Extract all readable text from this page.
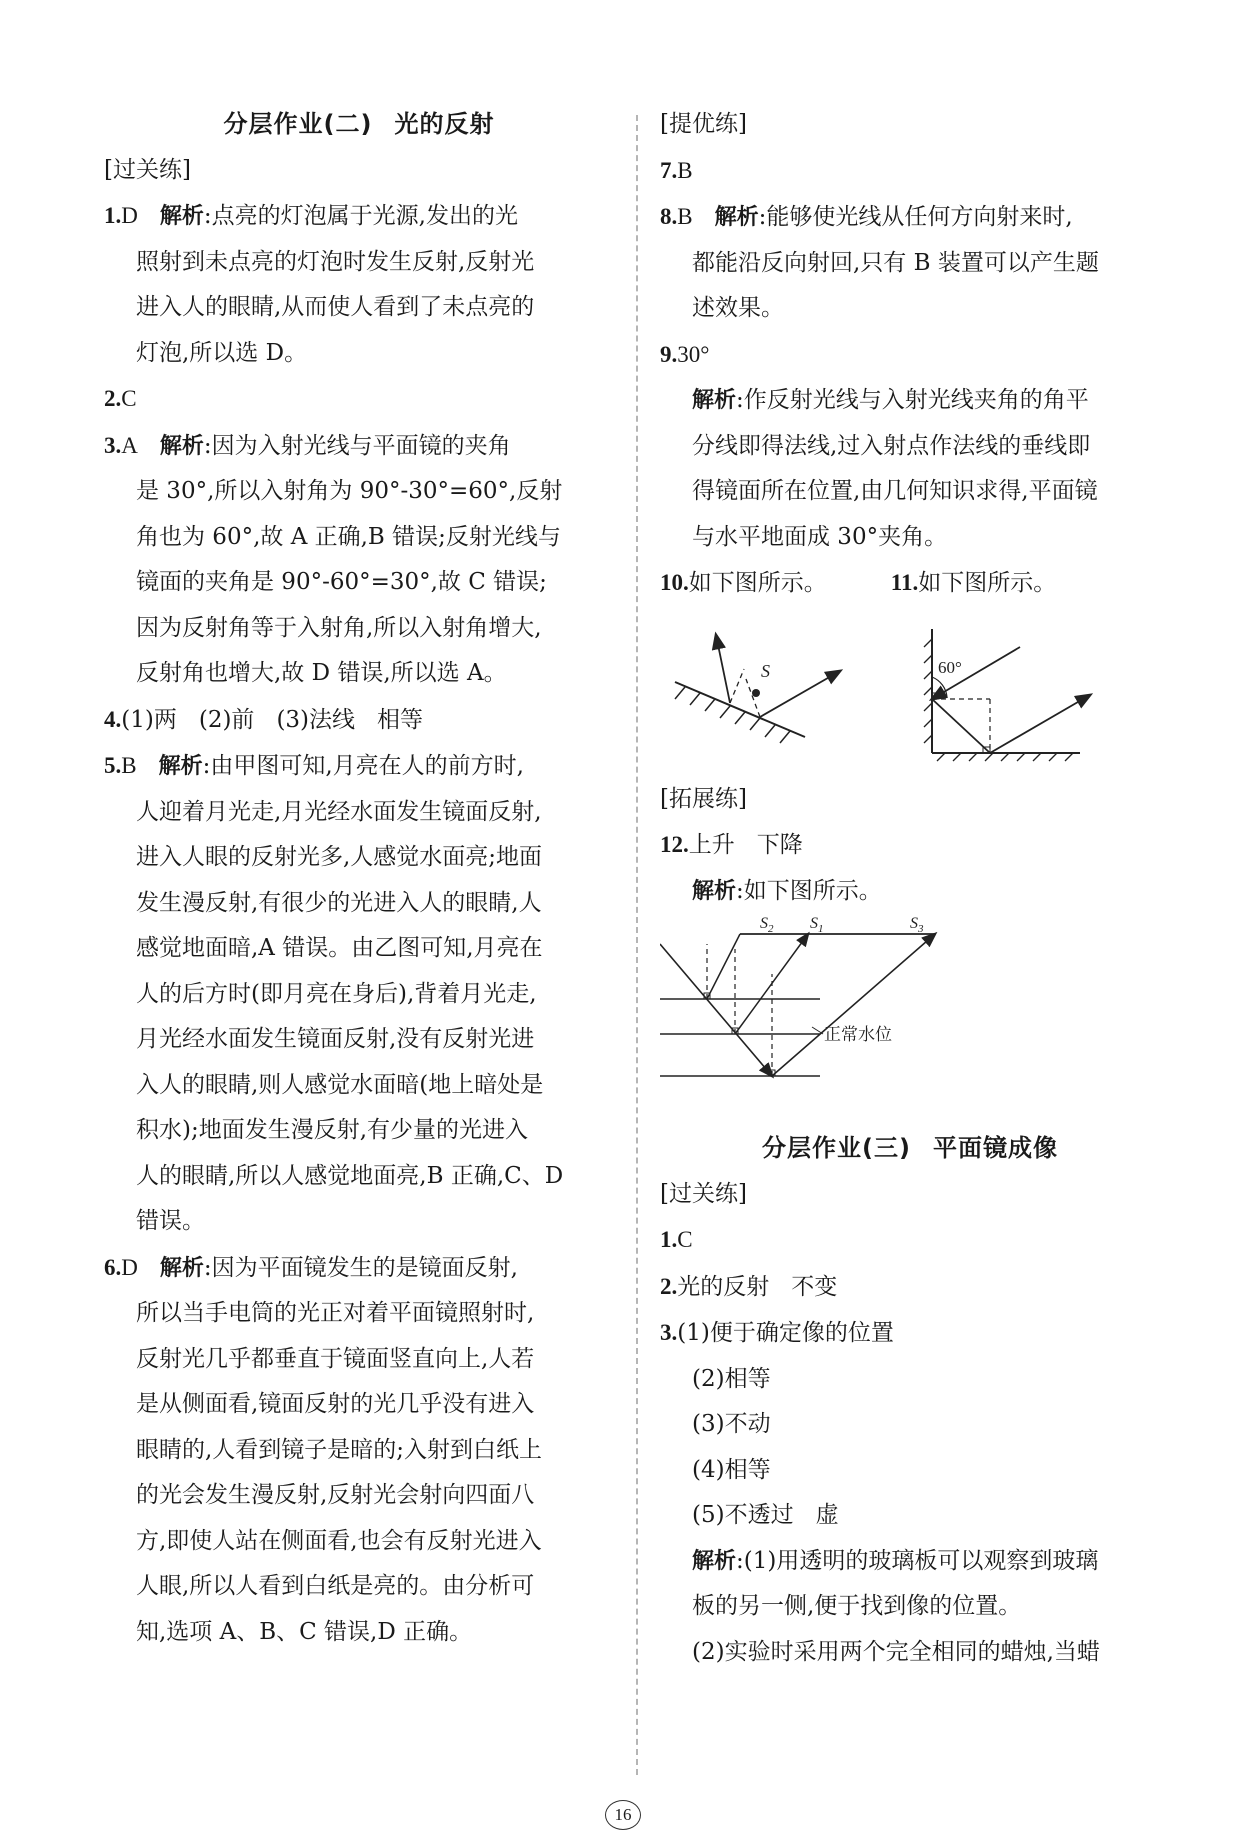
分层作业(二) 光的反射
[过关练]
1.D 解析:点亮的灯泡属于光源,发出的光
照射到未点亮的灯泡时发生反射,反射光
进入人的眼睛,从而使人看到了未点亮的
灯泡,所以选 D。
2.C
3.A 解析:因为入射光线与平面镜的夹角
是 30°,所以入射角为 90°-30°=60°,反射
角也为 60°,故 A 正确,B 错误;反射光线与
镜面的夹角是 90°-60°=30°,故 C 错误;
因为反射角等于入射角,所以入射角增大,
反射角也增大,故 D 错误,所以选 A。
4.(1)两 (2)前 (3)法线 相等
5.B 解析:由甲图可知,月亮在人的前方时,
人迎着月光走,月光经水面发生镜面反射,
进入人眼的反射光多,人感觉水面亮;地面
发生漫反射,有很少的光进入人的眼睛,人
感觉地面暗,A 错误。由乙图可知,月亮在
人的后方时(即月亮在身后),背着月光走,
月光经水面发生镜面反射,没有反射光进
入人的眼睛,则人感觉水面暗(地上暗处是
积水);地面发生漫反射,有少量的光进入
人的眼睛,所以人感觉地面亮,B 正确,C、D
错误。
6.D 解析:因为平面镜发生的是镜面反射,
所以当手电筒的光正对着平面镜照射时,
反射光几乎都垂直于镜面竖直向上,人若
是从侧面看,镜面反射的光几乎没有进入
眼睛的,人看到镜子是暗的;入射到白纸上
的光会发生漫反射,反射光会射向四面八
方,即使人站在侧面看,也会有反射光进入
人眼,所以人看到白纸是亮的。由分析可
知,选项 A、B、C 错误,D 正确。
[提优练]
7.B
8.B 解析:能够使光线从任何方向射来时,
都能沿反向射回,只有 B 装置可以产生题
述效果。
9.30°
解析:作反射光线与入射光线夹角的角平
分线即得法线,过入射点作法线的垂线即
得镜面所在位置,由几何知识求得,平面镜
与水平地面成 30°夹角。
10.如下图所示。	11.如下图所示。
S	60°
[拓展练]
12.上升 下降
解析:如下图所示。
$S_2$ $S_1$	$S_3$
正常水位
分层作业(三) 平面镜成像
[过关练]
1.C
2.光的反射 不变
3.(1)便于确定像的位置
(2)相等
(3)不动
(4)相等
(5)不透过 虚
解析:(1)用透明的玻璃板可以观察到玻璃
板的另一侧,便于找到像的位置。
(2)实验时采用两个完全相同的蜡烛,当蜡
16
